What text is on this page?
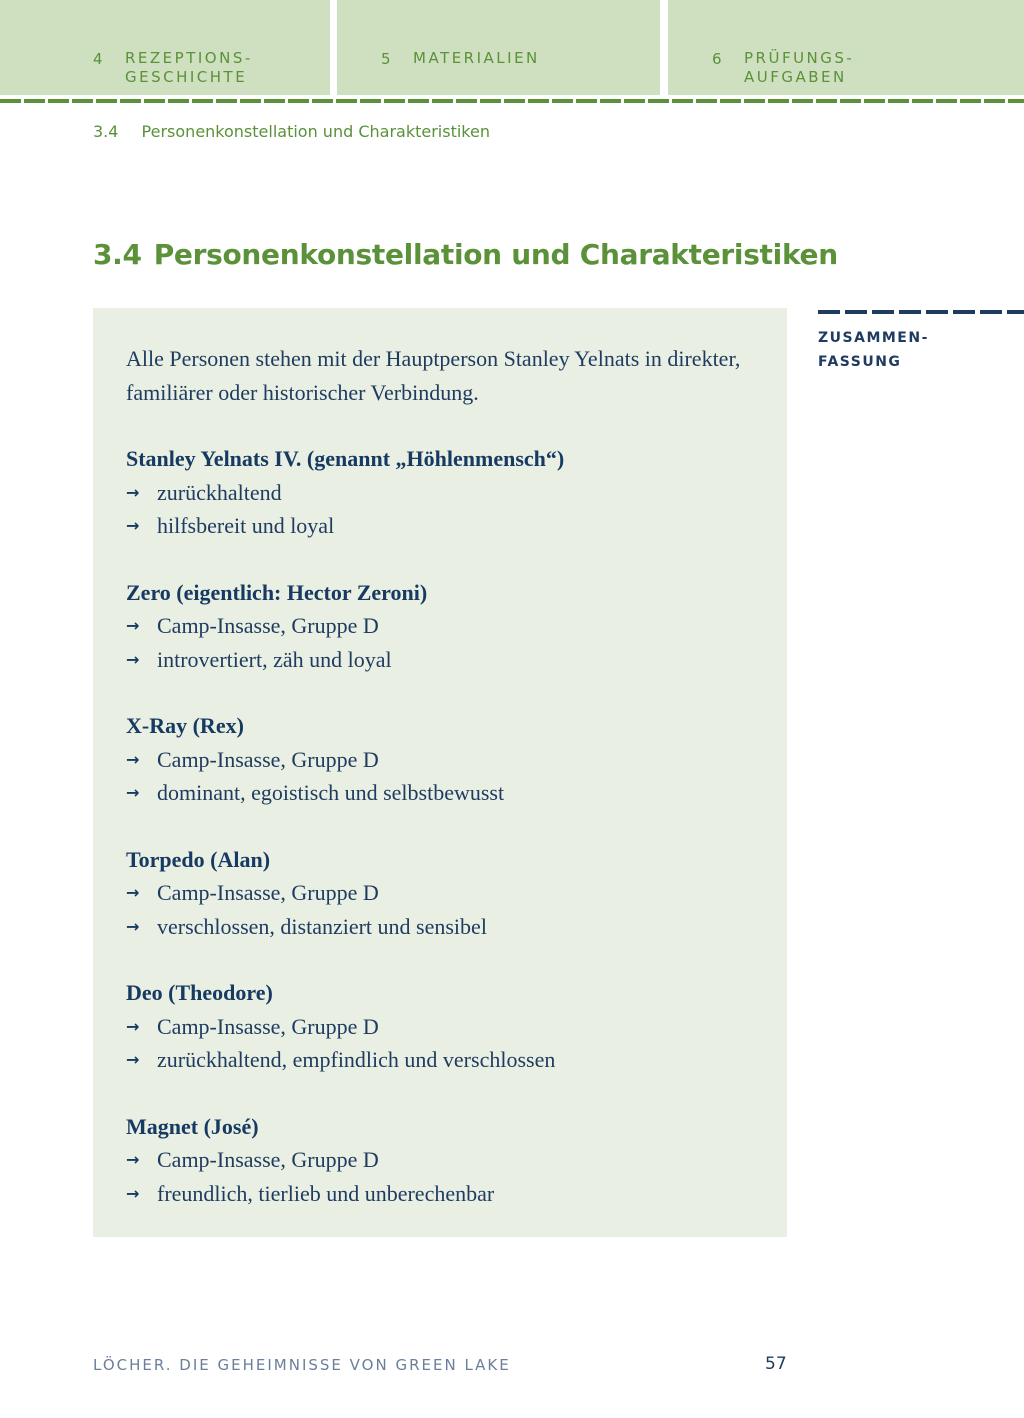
4 REZEPTIONS-
GESCHICHTE
5 MATERIALIEN	6 PRÜFUNGS-
AUFGABEN
3.4 Personenkonstellation und Charakteristiken
3.4 Personenkonstellation und Charakteristiken

Alle Personen stehen mit der Hauptperson Stanley Yelnats in direkter, familiärer oder historischer Verbindung.

Stanley Yelnats IV. (genannt „Höhlenmensch“)
→ zurückhaltend
→ hilfsbereit und loyal
Zero (eigentlich: Hector Zeroni)
→ Camp-Insasse, Gruppe D
→ introvertiert, zäh und loyal
X-Ray (Rex)
→ Camp-Insasse, Gruppe D
→ dominant, egoistisch und selbstbewusst
Torpedo (Alan)
→ Camp-Insasse, Gruppe D
→ verschlossen, distanziert und sensibel
Deo (Theodore)
→ Camp-Insasse, Gruppe D
→ zurückhaltend, empfindlich und verschlossen
Magnet (José)
→ Camp-Insasse, Gruppe D
→ freundlich, tierlieb und unberechenbar
ZUSAMMEN-
FASSUNG
LÖCHER. DIE GEHEIMNISSE VON GREEN LAKE	57
